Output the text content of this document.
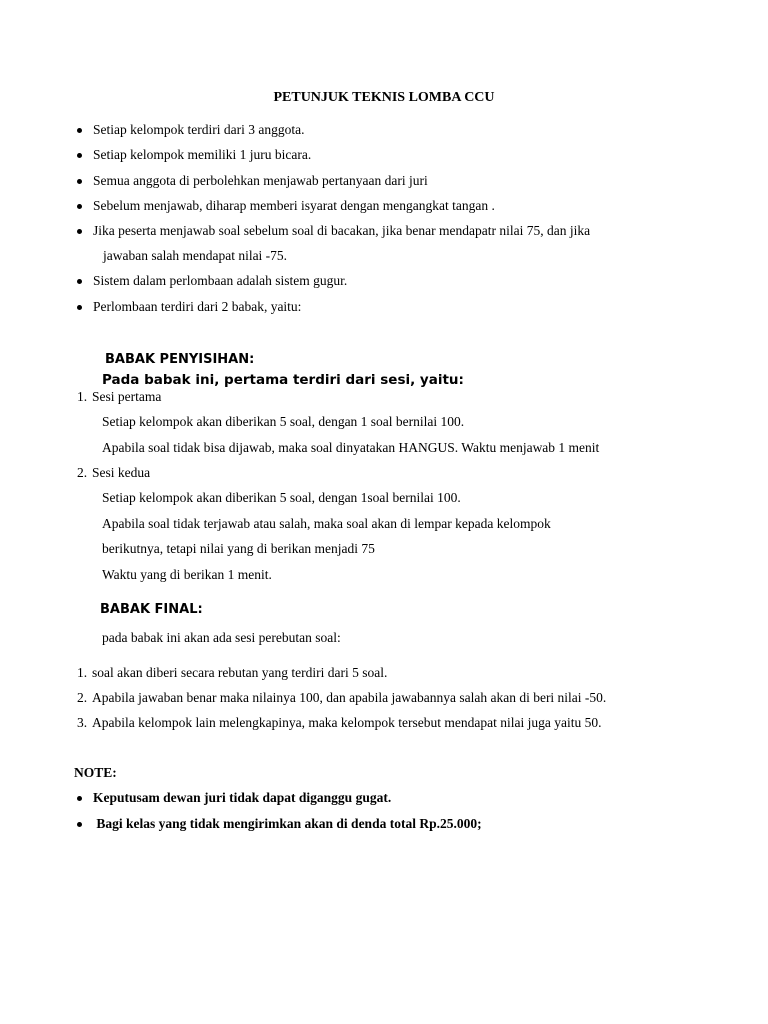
PETUNJUK TEKNIS LOMBA CCU
Setiap kelompok terdiri dari 3 anggota.
Setiap kelompok memiliki 1 juru bicara.
Semua anggota di perbolehkan menjawab pertanyaan dari juri
Sebelum menjawab, diharap memberi isyarat dengan mengangkat tangan .
Jika peserta menjawab soal sebelum soal di bacakan, jika benar mendapatr nilai 75, dan jika
jawaban salah mendapat nilai -75.
Sistem dalam perlombaan adalah sistem gugur.
Perlombaan terdiri dari 2 babak, yaitu:
BABAK PENYISIHAN:
Pada babak ini, pertama terdiri dari sesi, yaitu:
1. Sesi pertama
Setiap kelompok akan diberikan 5 soal, dengan 1 soal bernilai 100.
Apabila soal tidak bisa dijawab, maka soal dinyatakan HANGUS. Waktu menjawab 1 menit
2. Sesi kedua
Setiap kelompok akan diberikan 5 soal, dengan 1soal bernilai 100.
Apabila soal tidak terjawab atau salah, maka soal akan di lempar kepada kelompok
berikutnya, tetapi nilai yang di berikan menjadi 75
Waktu yang di berikan 1 menit.
BABAK FINAL:
pada babak ini akan ada sesi perebutan soal:
1. soal akan diberi secara rebutan yang terdiri dari 5 soal.
2. Apabila jawaban benar maka nilainya 100, dan apabila jawabannya salah akan di beri nilai -50.
3. Apabila kelompok lain melengkapinya, maka kelompok tersebut mendapat nilai juga yaitu 50.
NOTE:
Keputusam dewan juri tidak dapat diganggu gugat.
Bagi kelas yang tidak mengirimkan akan di denda total Rp.25.000;
